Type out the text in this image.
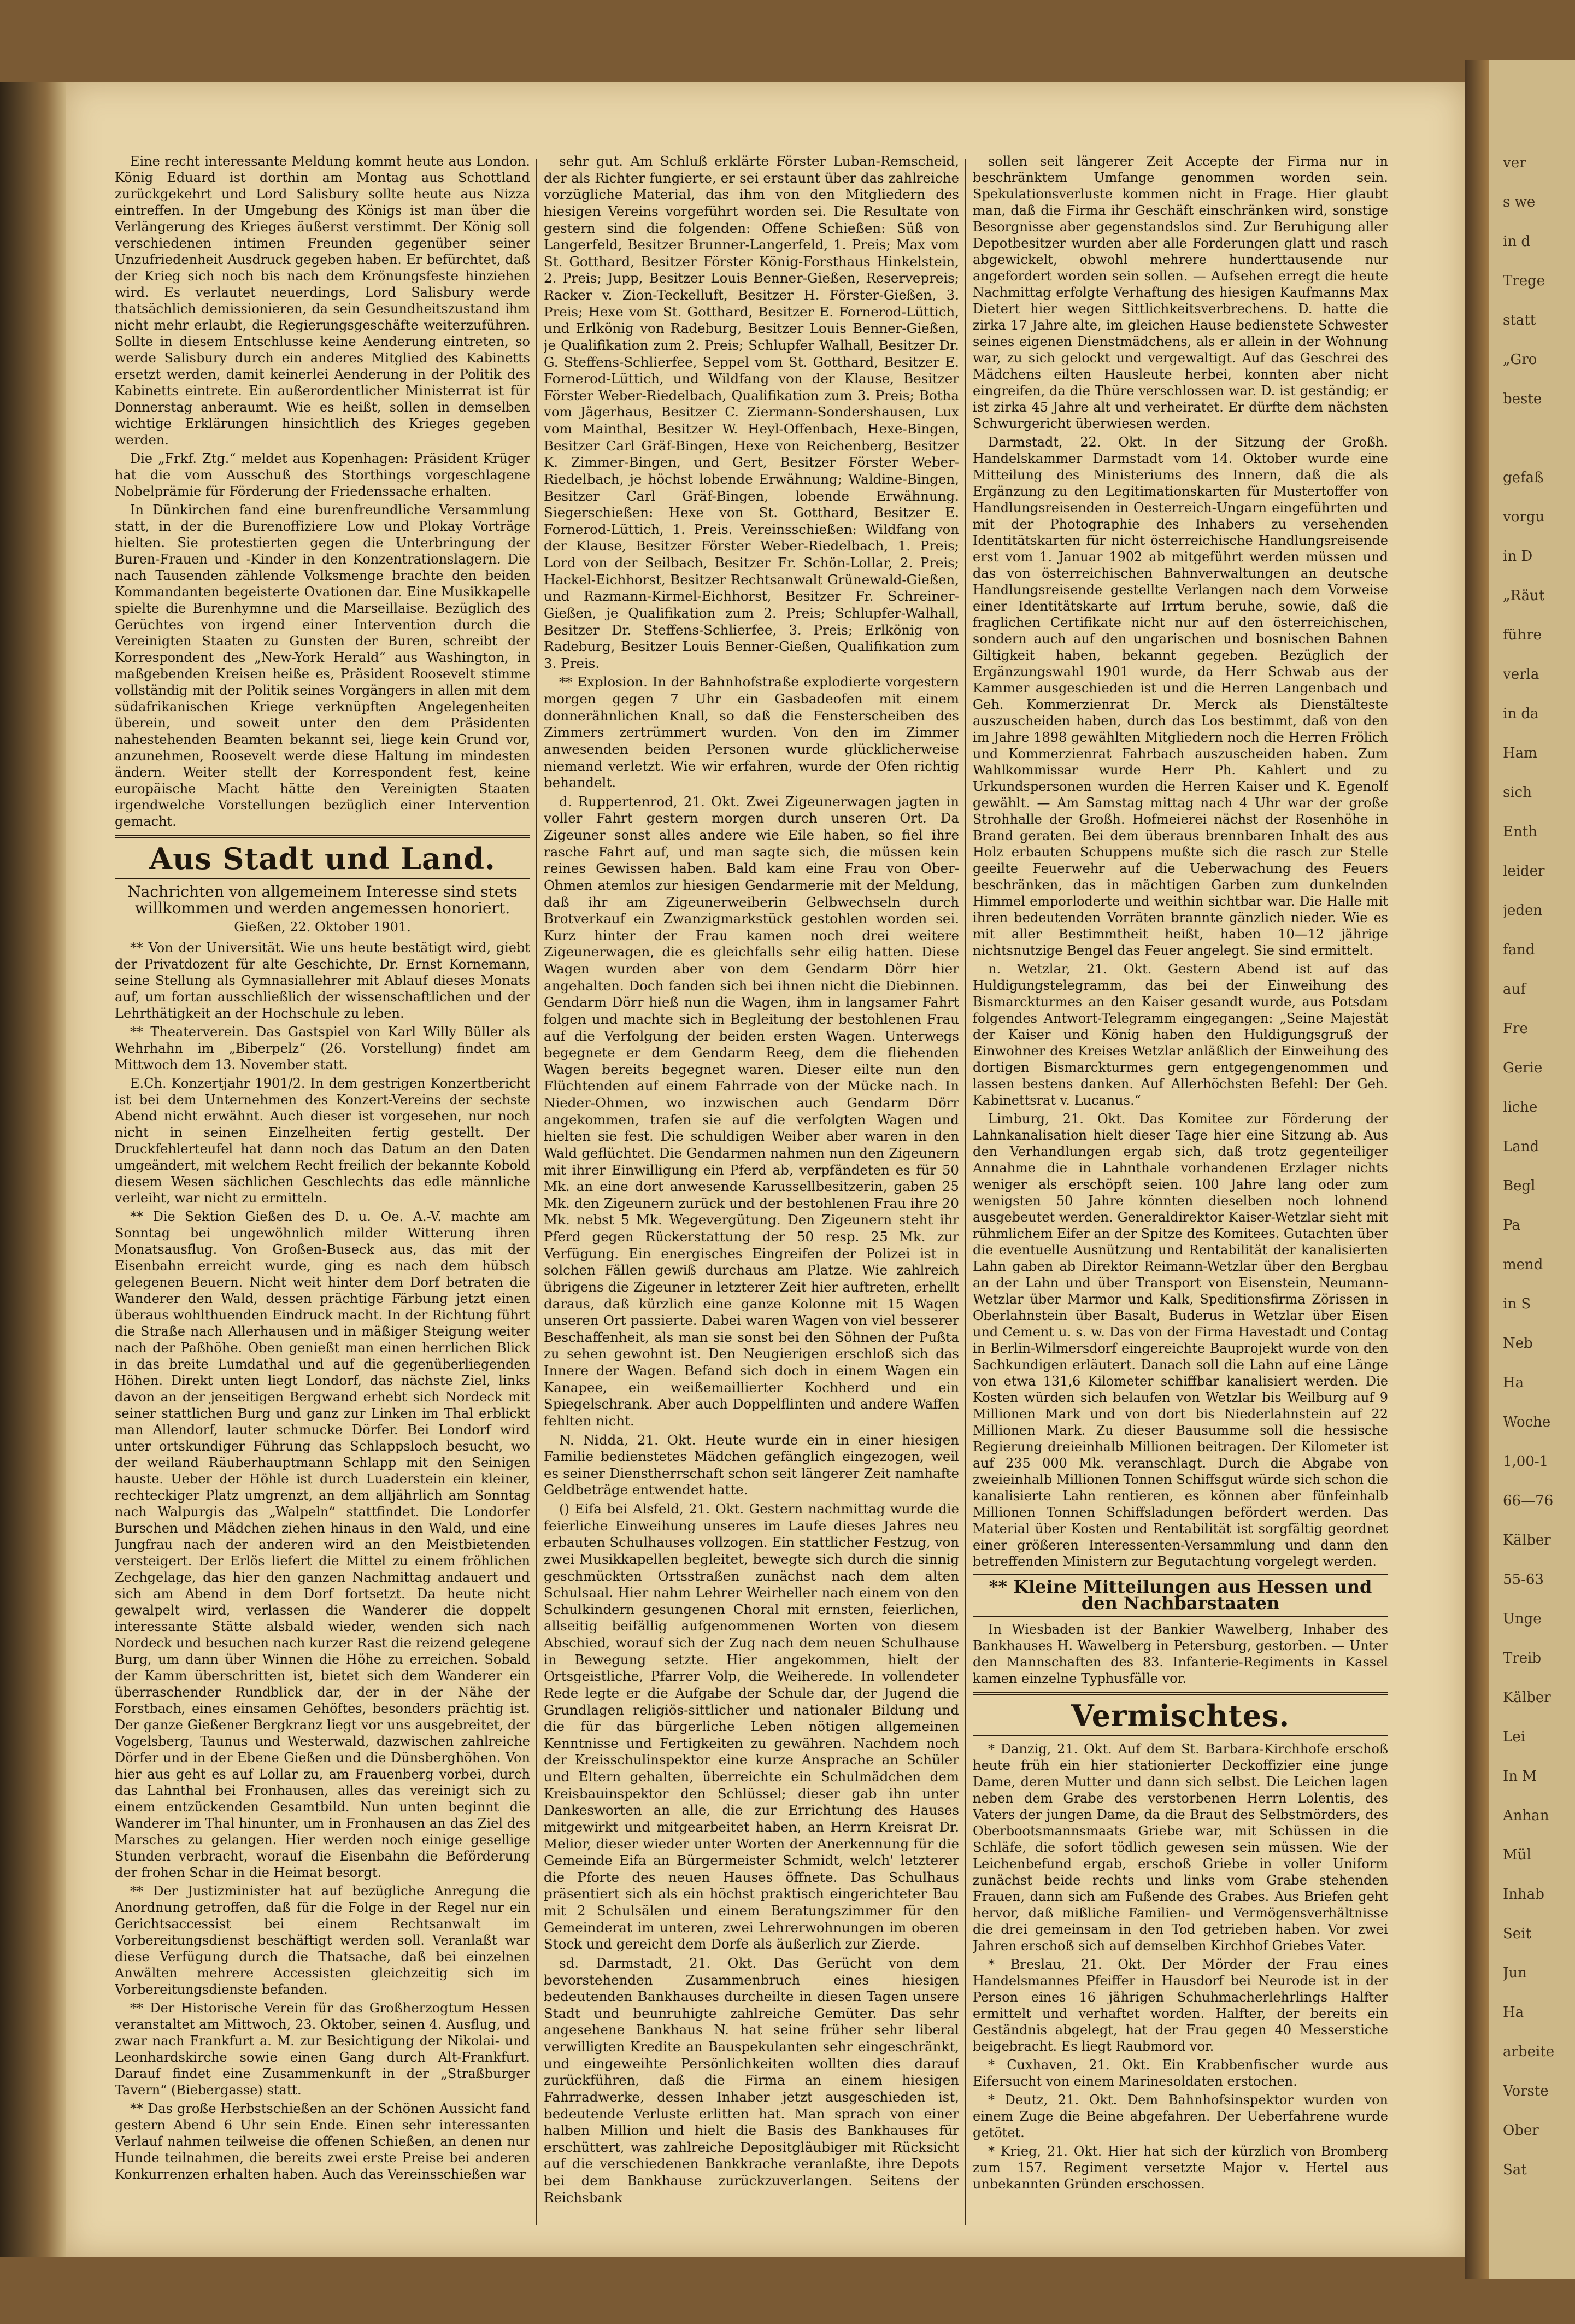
Eine recht interessante Meldung kommt heute aus London. König Eduard ist dorthin am Montag aus Schottland zurückgekehrt und Lord Salisbury sollte heute aus Nizza eintreffen. In der Umgebung des Königs ist man über die Verlängerung des Krieges äußerst verstimmt. Der König soll verschiedenen intimen Freunden gegenüber seiner Unzufriedenheit Ausdruck gegeben haben. Er befürchtet, daß der Krieg sich noch bis nach dem Krönungsfeste hinziehen wird. Es verlautet neuerdings, Lord Salisbury werde thatsächlich demissionieren, da sein Gesundheitszustand ihm nicht mehr erlaubt, die Regierungsgeschäfte weiterzuführen. Sollte in diesem Entschlusse keine Aenderung eintreten, so werde Salisbury durch ein anderes Mitglied des Kabinetts ersetzt werden, damit keinerlei Aenderung in der Politik des Kabinetts eintrete. Ein außerordentlicher Ministerrat ist für Donnerstag anberaumt. Wie es heißt, sollen in demselben wichtige Erklärungen hinsichtlich des Krieges gegeben werden.

Die „Frkf. Ztg.“ meldet aus Kopenhagen: Präsident Krüger hat die vom Ausschuß des Storthings vorgeschlagene Nobelprämie für Förderung der Friedenssache erhalten.

In Dünkirchen fand eine burenfreundliche Versammlung statt, in der die Burenoffiziere Low und Plokay Vorträge hielten. Sie protestierten gegen die Unterbringung der Buren-Frauen und -Kinder in den Konzentrationslagern. Die nach Tausenden zählende Volksmenge brachte den beiden Kommandanten begeisterte Ovationen dar. Eine Musikkapelle spielte die Burenhymne und die Marseillaise. Bezüglich des Gerüchtes von irgend einer Intervention durch die Vereinigten Staaten zu Gunsten der Buren, schreibt der Korrespondent des „New-York Herald“ aus Washington, in maßgebenden Kreisen heiße es, Präsident Roosevelt stimme vollständig mit der Politik seines Vorgängers in allen mit dem südafrikanischen Kriege verknüpften Angelegenheiten überein, und soweit unter den dem Präsidenten nahestehenden Beamten bekannt sei, liege kein Grund vor, anzunehmen, Roosevelt werde diese Haltung im mindesten ändern. Weiter stellt der Korrespondent fest, keine europäische Macht hätte den Vereinigten Staaten irgendwelche Vorstellungen bezüglich einer Intervention gemacht.

Aus Stadt und Land.

Nachrichten von allgemeinem Interesse sind stets willkommen und werden angemessen honoriert.

Gießen, 22. Oktober 1901.

** Von der Universität. Wie uns heute bestätigt wird, giebt der Privatdozent für alte Geschichte, Dr. Ernst Kornemann, seine Stellung als Gymnasiallehrer mit Ablauf dieses Monats auf, um fortan ausschließlich der wissenschaftlichen und der Lehrthätigkeit an der Hochschule zu leben.

** Theaterverein. Das Gastspiel von Karl Willy Büller als Wehrhahn im „Biberpelz“ (26. Vorstellung) findet am Mittwoch dem 13. November statt.

E.Ch. Konzertjahr 1901/2. In dem gestrigen Konzertbericht ist bei dem Unternehmen des Konzert-Vereins der sechste Abend nicht erwähnt. Auch dieser ist vorgesehen, nur noch nicht in seinen Einzelheiten fertig gestellt. Der Druckfehlerteufel hat dann noch das Datum an den Daten umgeändert, mit welchem Recht freilich der bekannte Kobold diesem Wesen sächlichen Geschlechts das edle männliche verleiht, war nicht zu ermitteln.

** Die Sektion Gießen des D. u. Oe. A.-V. machte am Sonntag bei ungewöhnlich milder Witterung ihren Monatsausflug. Von Großen-Buseck aus, das mit der Eisenbahn erreicht wurde, ging es nach dem hübsch gelegenen Beuern. Nicht weit hinter dem Dorf betraten die Wanderer den Wald, dessen prächtige Färbung jetzt einen überaus wohlthuenden Eindruck macht. In der Richtung führt die Straße nach Allerhausen und in mäßiger Steigung weiter nach der Paßhöhe. Oben genießt man einen herrlichen Blick in das breite Lumdathal und auf die gegenüberliegenden Höhen. Direkt unten liegt Londorf, das nächste Ziel, links davon an der jenseitigen Bergwand erhebt sich Nordeck mit seiner stattlichen Burg und ganz zur Linken im Thal erblickt man Allendorf, lauter schmucke Dörfer. Bei Londorf wird unter ortskundiger Führung das Schlappsloch besucht, wo der weiland Räuberhauptmann Schlapp mit den Seinigen hauste. Ueber der Höhle ist durch Luaderstein ein kleiner, rechteckiger Platz umgrenzt, an dem alljährlich am Sonntag nach Walpurgis das „Walpeln“ stattfindet. Die Londorfer Burschen und Mädchen ziehen hinaus in den Wald, und eine Jungfrau nach der anderen wird an den Meistbietenden versteigert. Der Erlös liefert die Mittel zu einem fröhlichen Zechgelage, das hier den ganzen Nachmittag andauert und sich am Abend in dem Dorf fortsetzt. Da heute nicht gewalpelt wird, verlassen die Wanderer die doppelt interessante Stätte alsbald wieder, wenden sich nach Nordeck und besuchen nach kurzer Rast die reizend gelegene Burg, um dann über Winnen die Höhe zu erreichen. Sobald der Kamm überschritten ist, bietet sich dem Wanderer ein überraschender Rundblick dar, der in der Nähe der Forstbach, eines einsamen Gehöftes, besonders prächtig ist. Der ganze Gießener Bergkranz liegt vor uns ausgebreitet, der Vogelsberg, Taunus und Westerwald, dazwischen zahlreiche Dörfer und in der Ebene Gießen und die Dünsberghöhen. Von hier aus geht es auf Lollar zu, am Frauenberg vorbei, durch das Lahnthal bei Fronhausen, alles das vereinigt sich zu einem entzückenden Gesamtbild. Nun unten beginnt die Wanderer im Thal hinunter, um in Fronhausen an das Ziel des Marsches zu gelangen. Hier werden noch einige gesellige Stunden verbracht, worauf die Eisenbahn die Beförderung der frohen Schar in die Heimat besorgt.

** Der Justizminister hat auf bezügliche Anregung die Anordnung getroffen, daß für die Folge in der Regel nur ein Gerichtsaccessist bei einem Rechtsanwalt im Vorbereitungsdienst beschäftigt werden soll. Veranlaßt war diese Verfügung durch die Thatsache, daß bei einzelnen Anwälten mehrere Accessisten gleichzeitig sich im Vorbereitungsdienste befanden.

** Der Historische Verein für das Großherzogtum Hessen veranstaltet am Mittwoch, 23. Oktober, seinen 4. Ausflug, und zwar nach Frankfurt a. M. zur Besichtigung der Nikolai- und Leonhardskirche sowie einen Gang durch Alt-Frankfurt. Darauf findet eine Zusammenkunft in der „Straßburger Tavern“ (Biebergasse) statt.

** Das große Herbstschießen an der Schönen Aussicht fand gestern Abend 6 Uhr sein Ende. Einen sehr interessanten Verlauf nahmen teilweise die offenen Schießen, an denen nur Hunde teilnahmen, die bereits zwei erste Preise bei anderen Konkurrenzen erhalten haben. Auch das Vereinsschießen war

sehr gut. Am Schluß erklärte Förster Luban-Remscheid, der als Richter fungierte, er sei erstaunt über das zahlreiche vorzügliche Material, das ihm von den Mitgliedern des hiesigen Vereins vorgeführt worden sei. Die Resultate von gestern sind die folgenden: Offene Schießen: Süß von Langerfeld, Besitzer Brunner-Langerfeld, 1. Preis; Max vom St. Gotthard, Besitzer Förster König-Forsthaus Hinkelstein, 2. Preis; Jupp, Besitzer Louis Benner-Gießen, Reservepreis; Racker v. Zion-Teckelluft, Besitzer H. Förster-Gießen, 3. Preis; Hexe vom St. Gotthard, Besitzer E. Fornerod-Lüttich, und Erlkönig von Radeburg, Besitzer Louis Benner-Gießen, je Qualifikation zum 2. Preis; Schlupfer Walhall, Besitzer Dr. G. Steffens-Schlierfee, Seppel vom St. Gotthard, Besitzer E. Fornerod-Lüttich, und Wildfang von der Klause, Besitzer Förster Weber-Riedelbach, Qualifikation zum 3. Preis; Botha vom Jägerhaus, Besitzer C. Ziermann-Sondershausen, Lux vom Mainthal, Besitzer W. Heyl-Offenbach, Hexe-Bingen, Besitzer Carl Gräf-Bingen, Hexe von Reichenberg, Besitzer K. Zimmer-Bingen, und Gert, Besitzer Förster Weber-Riedelbach, je höchst lobende Erwähnung; Waldine-Bingen, Besitzer Carl Gräf-Bingen, lobende Erwähnung. Siegerschießen: Hexe von St. Gotthard, Besitzer E. Fornerod-Lüttich, 1. Preis. Vereinsschießen: Wildfang von der Klause, Besitzer Förster Weber-Riedelbach, 1. Preis; Lord von der Seilbach, Besitzer Fr. Schön-Lollar, 2. Preis; Hackel-Eichhorst, Besitzer Rechtsanwalt Grünewald-Gießen, und Razmann-Kirmel-Eichhorst, Besitzer Fr. Schreiner-Gießen, je Qualifikation zum 2. Preis; Schlupfer-Walhall, Besitzer Dr. Steffens-Schlierfee, 3. Preis; Erlkönig von Radeburg, Besitzer Louis Benner-Gießen, Qualifikation zum 3. Preis.

** Explosion. In der Bahnhofstraße explodierte vorgestern morgen gegen 7 Uhr ein Gasbadeofen mit einem donnerähnlichen Knall, so daß die Fensterscheiben des Zimmers zertrümmert wurden. Von den im Zimmer anwesenden beiden Personen wurde glücklicherweise niemand verletzt. Wie wir erfahren, wurde der Ofen richtig behandelt.

d. Ruppertenrod, 21. Okt. Zwei Zigeunerwagen jagten in voller Fahrt gestern morgen durch unseren Ort. Da Zigeuner sonst alles andere wie Eile haben, so fiel ihre rasche Fahrt auf, und man sagte sich, die müssen kein reines Gewissen haben. Bald kam eine Frau von Ober-Ohmen atemlos zur hiesigen Gendarmerie mit der Meldung, daß ihr am Zigeunerweiberin Gelbwechseln durch Brotverkauf ein Zwanzigmarkstück gestohlen worden sei. Kurz hinter der Frau kamen noch drei weitere Zigeunerwagen, die es gleichfalls sehr eilig hatten. Diese Wagen wurden aber von dem Gendarm Dörr hier angehalten. Doch fanden sich bei ihnen nicht die Diebinnen. Gendarm Dörr hieß nun die Wagen, ihm in langsamer Fahrt folgen und machte sich in Begleitung der bestohlenen Frau auf die Verfolgung der beiden ersten Wagen. Unterwegs begegnete er dem Gendarm Reeg, dem die fliehenden Wagen bereits begegnet waren. Dieser eilte nun den Flüchtenden auf einem Fahrrade von der Mücke nach. In Nieder-Ohmen, wo inzwischen auch Gendarm Dörr angekommen, trafen sie auf die verfolgten Wagen und hielten sie fest. Die schuldigen Weiber aber waren in den Wald geflüchtet. Die Gendarmen nahmen nun den Zigeunern mit ihrer Einwilligung ein Pferd ab, verpfändeten es für 50 Mk. an eine dort anwesende Karussellbesitzerin, gaben 25 Mk. den Zigeunern zurück und der bestohlenen Frau ihre 20 Mk. nebst 5 Mk. Wegevergütung. Den Zigeunern steht ihr Pferd gegen Rückerstattung der 50 resp. 25 Mk. zur Verfügung. Ein energisches Eingreifen der Polizei ist in solchen Fällen gewiß durchaus am Platze. Wie zahlreich übrigens die Zigeuner in letzterer Zeit hier auftreten, erhellt daraus, daß kürzlich eine ganze Kolonne mit 15 Wagen unseren Ort passierte. Dabei waren Wagen von viel besserer Beschaffenheit, als man sie sonst bei den Söhnen der Pußta zu sehen gewohnt ist. Den Neugierigen erschloß sich das Innere der Wagen. Befand sich doch in einem Wagen ein Kanapee, ein weißemaillierter Kochherd und ein Spiegelschrank. Aber auch Doppelflinten und andere Waffen fehlten nicht.

N. Nidda, 21. Okt. Heute wurde ein in einer hiesigen Familie bedienstetes Mädchen gefänglich eingezogen, weil es seiner Dienstherrschaft schon seit längerer Zeit namhafte Geldbeträge entwendet hatte.

() Eifa bei Alsfeld, 21. Okt. Gestern nachmittag wurde die feierliche Einweihung unseres im Laufe dieses Jahres neu erbauten Schulhauses vollzogen. Ein stattlicher Festzug, von zwei Musikkapellen begleitet, bewegte sich durch die sinnig geschmückten Ortsstraßen zunächst nach dem alten Schulsaal. Hier nahm Lehrer Weirheller nach einem von den Schulkindern gesungenen Choral mit ernsten, feierlichen, allseitig beifällig aufgenommenen Worten von diesem Abschied, worauf sich der Zug nach dem neuen Schulhause in Bewegung setzte. Hier angekommen, hielt der Ortsgeistliche, Pfarrer Volp, die Weiherede. In vollendeter Rede legte er die Aufgabe der Schule dar, der Jugend die Grundlagen religiös-sittlicher und nationaler Bildung und die für das bürgerliche Leben nötigen allgemeinen Kenntnisse und Fertigkeiten zu gewähren. Nachdem noch der Kreisschulinspektor eine kurze Ansprache an Schüler und Eltern gehalten, überreichte ein Schulmädchen dem Kreisbauinspektor den Schlüssel; dieser gab ihn unter Dankesworten an alle, die zur Errichtung des Hauses mitgewirkt und mitgearbeitet haben, an Herrn Kreisrat Dr. Melior, dieser wieder unter Worten der Anerkennung für die Gemeinde Eifa an Bürgermeister Schmidt, welch' letzterer die Pforte des neuen Hauses öffnete. Das Schulhaus präsentiert sich als ein höchst praktisch eingerichteter Bau mit 2 Schulsälen und einem Beratungszimmer für den Gemeinderat im unteren, zwei Lehrerwohnungen im oberen Stock und gereicht dem Dorfe als äußerlich zur Zierde.

sd. Darmstadt, 21. Okt. Das Gerücht von dem bevorstehenden Zusammenbruch eines hiesigen bedeutenden Bankhauses durcheilte in diesen Tagen unsere Stadt und beunruhigte zahlreiche Gemüter. Das sehr angesehene Bankhaus N. hat seine früher sehr liberal verwilligten Kredite an Bauspekulanten sehr eingeschränkt, und eingeweihte Persönlichkeiten wollten dies darauf zurückführen, daß die Firma an einem hiesigen Fahrradwerke, dessen Inhaber jetzt ausgeschieden ist, bedeutende Verluste erlitten hat. Man sprach von einer halben Million und hielt die Basis des Bankhauses für erschüttert, was zahlreiche Depositgläubiger mit Rücksicht auf die verschiedenen Bankkrache veranlaßte, ihre Depots bei dem Bankhause zurückzuverlangen. Seitens der Reichsbank

sollen seit längerer Zeit Accepte der Firma nur in beschränktem Umfange genommen worden sein. Spekulationsverluste kommen nicht in Frage. Hier glaubt man, daß die Firma ihr Geschäft einschränken wird, sonstige Besorgnisse aber gegenstandslos sind. Zur Beruhigung aller Depotbesitzer wurden aber alle Forderungen glatt und rasch abgewickelt, obwohl mehrere hunderttausende nur angefordert worden sein sollen. — Aufsehen erregt die heute Nachmittag erfolgte Verhaftung des hiesigen Kaufmanns Max Dietert hier wegen Sittlichkeitsverbrechens. D. hatte die zirka 17 Jahre alte, im gleichen Hause bedienstete Schwester seines eigenen Dienstmädchens, als er allein in der Wohnung war, zu sich gelockt und vergewaltigt. Auf das Geschrei des Mädchens eilten Hausleute herbei, konnten aber nicht eingreifen, da die Thüre verschlossen war. D. ist geständig; er ist zirka 45 Jahre alt und verheiratet. Er dürfte dem nächsten Schwurgericht überwiesen werden.

Darmstadt, 22. Okt. In der Sitzung der Großh. Handelskammer Darmstadt vom 14. Oktober wurde eine Mitteilung des Ministeriums des Innern, daß die als Ergänzung zu den Legitimationskarten für Mustertoffer von Handlungsreisenden in Oesterreich-Ungarn eingeführten und mit der Photographie des Inhabers zu versehenden Identitätskarten für nicht österreichische Handlungsreisende erst vom 1. Januar 1902 ab mitgeführt werden müssen und das von österreichischen Bahnverwaltungen an deutsche Handlungsreisende gestellte Verlangen nach dem Vorweise einer Identitätskarte auf Irrtum beruhe, sowie, daß die fraglichen Certifikate nicht nur auf den österreichischen, sondern auch auf den ungarischen und bosnischen Bahnen Giltigkeit haben, bekannt gegeben. Bezüglich der Ergänzungswahl 1901 wurde, da Herr Schwab aus der Kammer ausgeschieden ist und die Herren Langenbach und Geh. Kommerzienrat Dr. Merck als Dienstälteste auszuscheiden haben, durch das Los bestimmt, daß von den im Jahre 1898 gewählten Mitgliedern noch die Herren Frölich und Kommerzienrat Fahrbach auszuscheiden haben. Zum Wahlkommissar wurde Herr Ph. Kahlert und zu Urkundspersonen wurden die Herren Kaiser und K. Egenolf gewählt. — Am Samstag mittag nach 4 Uhr war der große Strohhalle der Großh. Hofmeierei nächst der Rosenhöhe in Brand geraten. Bei dem überaus brennbaren Inhalt des aus Holz erbauten Schuppens mußte sich die rasch zur Stelle geeilte Feuerwehr auf die Ueberwachung des Feuers beschränken, das in mächtigen Garben zum dunkelnden Himmel emporloderte und weithin sichtbar war. Die Halle mit ihren bedeutenden Vorräten brannte gänzlich nieder. Wie es mit aller Bestimmtheit heißt, haben 10—12 jährige nichtsnutzige Bengel das Feuer angelegt. Sie sind ermittelt.

n. Wetzlar, 21. Okt. Gestern Abend ist auf das Huldigungstelegramm, das bei der Einweihung des Bismarckturmes an den Kaiser gesandt wurde, aus Potsdam folgendes Antwort-Telegramm eingegangen: „Seine Majestät der Kaiser und König haben den Huldigungsgruß der Einwohner des Kreises Wetzlar anläßlich der Einweihung des dortigen Bismarckturmes gern entgegengenommen und lassen bestens danken. Auf Allerhöchsten Befehl: Der Geh. Kabinettsrat v. Lucanus.“

Limburg, 21. Okt. Das Komitee zur Förderung der Lahnkanalisation hielt dieser Tage hier eine Sitzung ab. Aus den Verhandlungen ergab sich, daß trotz gegenteiliger Annahme die in Lahnthale vorhandenen Erzlager nichts weniger als erschöpft seien. 100 Jahre lang oder zum wenigsten 50 Jahre könnten dieselben noch lohnend ausgebeutet werden. Generaldirektor Kaiser-Wetzlar sieht mit rühmlichem Eifer an der Spitze des Komitees. Gutachten über die eventuelle Ausnützung und Rentabilität der kanalisierten Lahn gaben ab Direktor Reimann-Wetzlar über den Bergbau an der Lahn und über Transport von Eisenstein, Neumann-Wetzlar über Marmor und Kalk, Speditionsfirma Zörissen in Oberlahnstein über Basalt, Buderus in Wetzlar über Eisen und Cement u. s. w. Das von der Firma Havestadt und Contag in Berlin-Wilmersdorf eingereichte Bauprojekt wurde von den Sachkundigen erläutert. Danach soll die Lahn auf eine Länge von etwa 131,6 Kilometer schiffbar kanalisiert werden. Die Kosten würden sich belaufen von Wetzlar bis Weilburg auf 9 Millionen Mark und von dort bis Niederlahnstein auf 22 Millionen Mark. Zu dieser Bausumme soll die hessische Regierung dreieinhalb Millionen beitragen. Der Kilometer ist auf 235 000 Mk. veranschlagt. Durch die Abgabe von zweieinhalb Millionen Tonnen Schiffsgut würde sich schon die kanalisierte Lahn rentieren, es können aber fünfeinhalb Millionen Tonnen Schiffsladungen befördert werden. Das Material über Kosten und Rentabilität ist sorgfältig geordnet einer größeren Interessenten-Versammlung und dann den betreffenden Ministern zur Begutachtung vorgelegt werden.

** Kleine Mitteilungen aus Hessen und den Nachbarstaaten

In Wiesbaden ist der Bankier Wawelberg, Inhaber des Bankhauses H. Wawelberg in Petersburg, gestorben. — Unter den Mannschaften des 83. Infanterie-Regiments in Kassel kamen einzelne Typhusfälle vor.

Vermischtes.

* Danzig, 21. Okt. Auf dem St. Barbara-Kirchhofe erschoß heute früh ein hier stationierter Deckoffizier eine junge Dame, deren Mutter und dann sich selbst. Die Leichen lagen neben dem Grabe des verstorbenen Herrn Lolentis, des Vaters der jungen Dame, da die Braut des Selbstmörders, des Oberbootsmannsmaats Griebe war, mit Schüssen in die Schläfe, die sofort tödlich gewesen sein müssen. Wie der Leichenbefund ergab, erschoß Griebe in voller Uniform zunächst beide rechts und links vom Grabe stehenden Frauen, dann sich am Fußende des Grabes. Aus Briefen geht hervor, daß mißliche Familien- und Vermögensverhältnisse die drei gemeinsam in den Tod getrieben haben. Vor zwei Jahren erschoß sich auf demselben Kirchhof Griebes Vater.

* Breslau, 21. Okt. Der Mörder der Frau eines Handelsmannes Pfeiffer in Hausdorf bei Neurode ist in der Person eines 16 jährigen Schuhmacherlehrlings Halfter ermittelt und verhaftet worden. Halfter, der bereits ein Geständnis abgelegt, hat der Frau gegen 40 Messerstiche beigebracht. Es liegt Raubmord vor.

* Cuxhaven, 21. Okt. Ein Krabbenfischer wurde aus Eifersucht von einem Marinesoldaten erstochen.

* Deutz, 21. Okt. Dem Bahnhofsinspektor wurden von einem Zuge die Beine abgefahren. Der Ueberfahrene wurde getötet.

* Krieg, 21. Okt. Hier hat sich der kürzlich von Bromberg zum 157. Regiment versetzte Major v. Hertel aus unbekannten Gründen erschossen.

ver
s we
in d
Trege
statt
„Gro
beste
gefaß
vorgu
in D
„Räut
führe
verla
in da
Ham
sich
Enth
leider
jeden
fand
auf
Fre
Gerie
liche
Land
Begl
Pa
mend
in S
Neb
Ha
Woche
1,00-1
66—76
Kälber
55-63
Unge
Treib
Kälber
Lei
In M
Anhan
Mül
Inhab
Seit
Jun
Ha
arbeite
Vorste
Ober
Sat
